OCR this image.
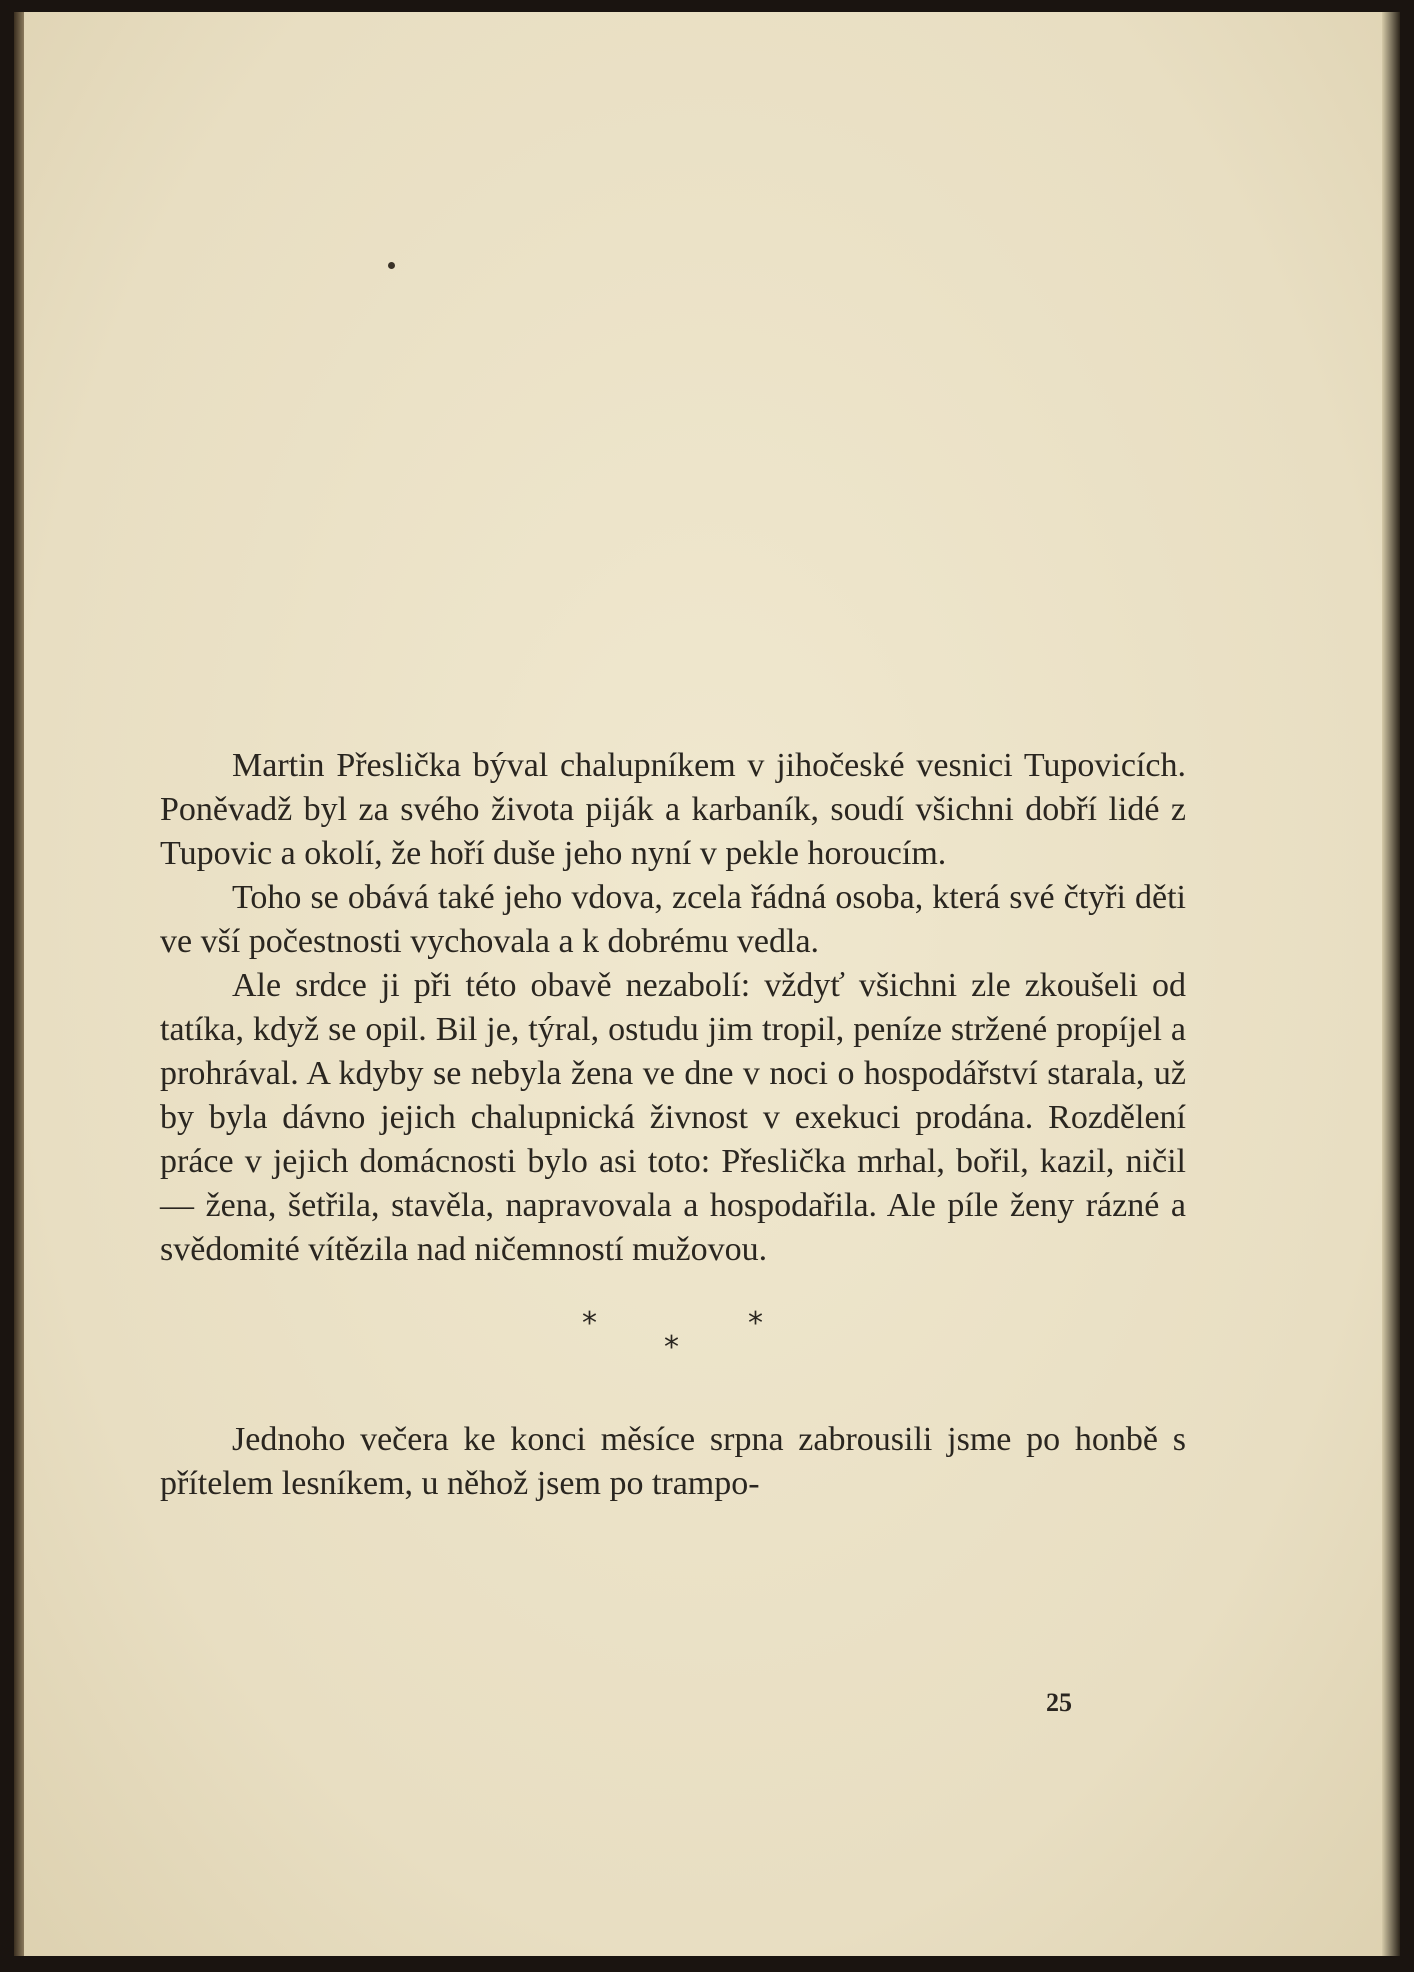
Martin Přeslička býval chalupníkem v jihočeské vesnici Tupovicích. Poněvadž byl za svého života piják a karbaník, soudí všichni dobří lidé z Tupovic a okolí, že hoří duše jeho nyní v pekle horoucím.

Toho se obává také jeho vdova, zcela řádná osoba, která své čtyři děti ve vší počestnosti vychovala a k dobrému vedla.

Ale srdce ji při této obavě nezabolí: vždyť všichni zle zkoušeli od tatíka, když se opil. Bil je, týral, ostudu jim tropil, peníze stržené propíjel a prohrával. A kdyby se nebyla žena ve dne v noci o hospodářství starala, už by byla dávno jejich chalupnická živnost v exekuci prodána. Rozdělení práce v jejich domácnosti bylo asi toto: Přeslička mrhal, bořil, kazil, ničil — žena, šetřila, stavěla, napravovala a hospodařila. Ale píle ženy rázné a svědomité vítězila nad ničemností mužovou.

*
*
*

Jednoho večera ke konci měsíce srpna zabrousili jsme po honbě s přítelem lesníkem, u něhož jsem po trampo-

25
